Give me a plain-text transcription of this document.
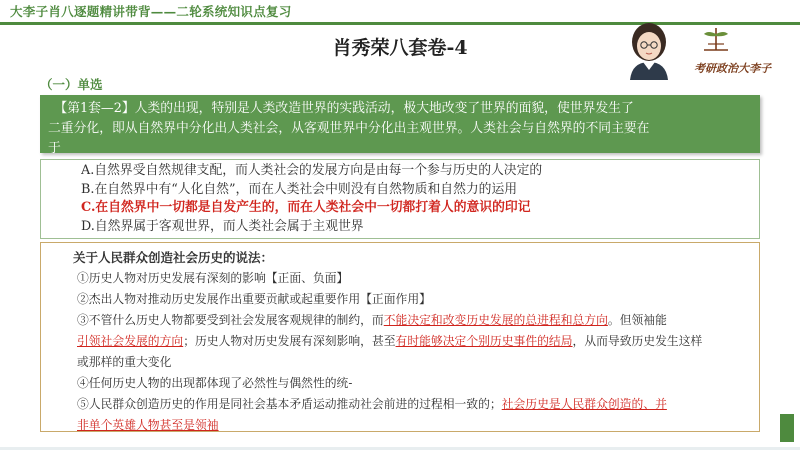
大李子肖八逐题精讲带背——二轮系统知识点复习
肖秀荣八套卷-4
考研政治大李子
（一）单选
　【第1套—2】人类的出现，特别是人类改造世界的实践活动，极大地改变了世界的面貌，使世界发生了
二重分化，即从自然界中分化出人类社会，从客观世界中分化出主观世界。人类社会与自然界的不同主要在
于
A.自然界受自然规律支配，而人类社会的发展方向是由每一个参与历史的人决定的
B.在自然界中有“人化自然”，而在人类社会中则没有自然物质和自然力的运用
C.在自然界中一切都是自发产生的，而在人类社会中一切都打着人的意识的印记
D.自然界属于客观世界，而人类社会属于主观世界
关于人民群众创造社会历史的说法：
①历史人物对历史发展有深刻的影响【正面、负面】
②杰出人物对推动历史发展作出重要贡献或起重要作用【正面作用】
③不管什么历史人物都要受到社会发展客观规律的制约，而不能决定和改变历史发展的总进程和总方向。但领袖能
引领社会发展的方向；历史人物对历史发展有深刻影响，甚至有时能够决定个别历史事件的结局，从而导致历史发生这样
或那样的重大变化
④任何历史人物的出现都体现了必然性与偶然性的统-
⑤人民群众创造历史的作用是同社会基本矛盾运动推动社会前进的过程相一致的；社会历史是人民群众创造的、并
非单个英雄人物甚至是领袖
